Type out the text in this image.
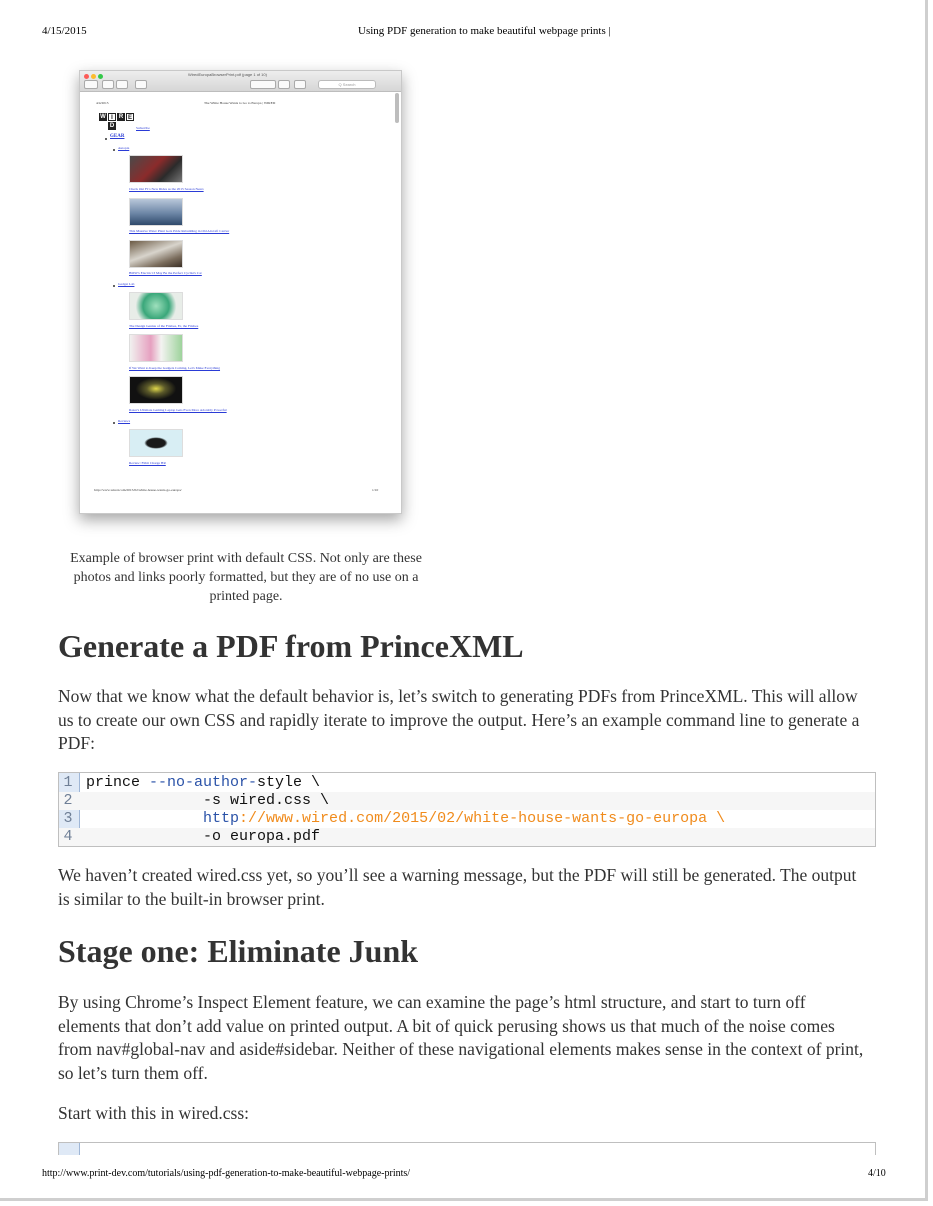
4/15/2015	Using PDF generation to make beautiful webpage prints |
WiredEuropaBrowserPrint.pdf (page 1 of 10)
Q Search
4/4/2015	The White House Wants to Go to Europa | WIRED
W I	R E
D	Subscribe
GEAR
Autopia
Check Out F1's New Rides as the 2015 Season Nears
This Massive Water Plant Gets Pride Rebuilding in Old Aircraft Carrier
BMW's Electric i3 May Be the Perfect Cyclist's Car
Gadget Lab
The Design Genius of the Frisbee, Er, the Frisbee
If We Want to Keep the Gadgets Coming, Let's Make Everything
Razer's Ultimate Gaming Laptop Gets Even More Adorably Powerful
Reviews
Review: Fitbit Charge HR
http://www.wired.com/2015/02/white-house-wants-go-europa/	1/10
Example of browser print with default CSS. Not only are these photos and links poorly formatted, but they are of no use on a printed page.
Generate a PDF from PrinceXML

Now that we know what the default behavior is, let’s switch to generating PDFs from PrinceXML. This will allow us to create our own CSS and rapidly iterate to improve the output. Here’s an example command line to generate a PDF:

1 prince --no-author-style \
2 -s wired.css \
3	http://www.wired.com/2015/02/white-house-wants-go-europa \
4 -o europa.pdf

We haven’t created wired.css yet, so you’ll see a warning message, but the PDF will still be generated. The output is similar to the built-in browser print.

Stage one: Eliminate Junk

By using Chrome’s Inspect Element feature, we can examine the page’s html structure, and start to turn off elements that don’t add value on printed output. A bit of quick perusing shows us that much of the noise comes from nav#global-nav and aside#sidebar. Neither of these navigational elements makes sense in the context of print, so let’s turn them off.

Start with this in wired.css:

http://www.print-dev.com/tutorials/using-pdf-generation-to-make-beautiful-webpage-prints/	4/10
